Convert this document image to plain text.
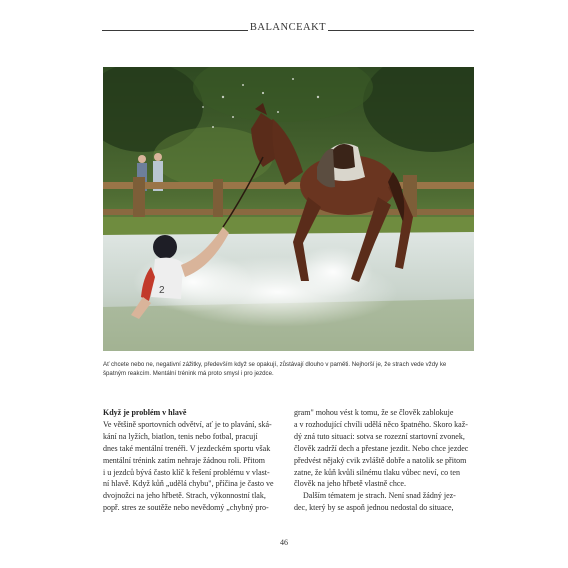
BALANCEAKT
2
Ať chcete nebo ne, negativní zážitky, především když se opakují, zůstávají dlouho v paměti. Nejhorší je, že strach vede vždy ke
špatným reakcím. Mentální trénink má proto smysl i pro jezdce.
Když je problém v hlavě
Ve většině sportovních odvětví, ať je to plavání, ská-
kání na lyžích, biatlon, tenis nebo fotbal, pracují
dnes také mentální trenéři. V jezdeckém sportu však
mentální trénink zatím nehraje žádnou roli. Přitom
i u jezdců bývá často klíč k řešení problému v vlast-
ní hlavě. Když kůň „udělá chybu", příčina je často ve
dvojnožci na jeho hřbetě. Strach, výkonnostní tlak,
popř. stres ze soutěže nebo nevědomý „chybný pro-
gram" mohou vést k tomu, že se člověk zablokuje
a v rozhodující chvíli udělá něco špatného. Skoro kaž-
dý zná tuto situaci: sotva se rozezní startovní zvonek,
člověk zadrží dech a přestane jezdit. Nebo chce jezdec
předvést nějaký cvik zvláště dobře a natolik se přitom
zatne, že kůň kvůli silnému tlaku vůbec neví, co ten
člověk na jeho hřbetě vlastně chce.
Dalším tématem je strach. Není snad žádný jez-
dec, který by se aspoň jednou nedostal do situace,
46
